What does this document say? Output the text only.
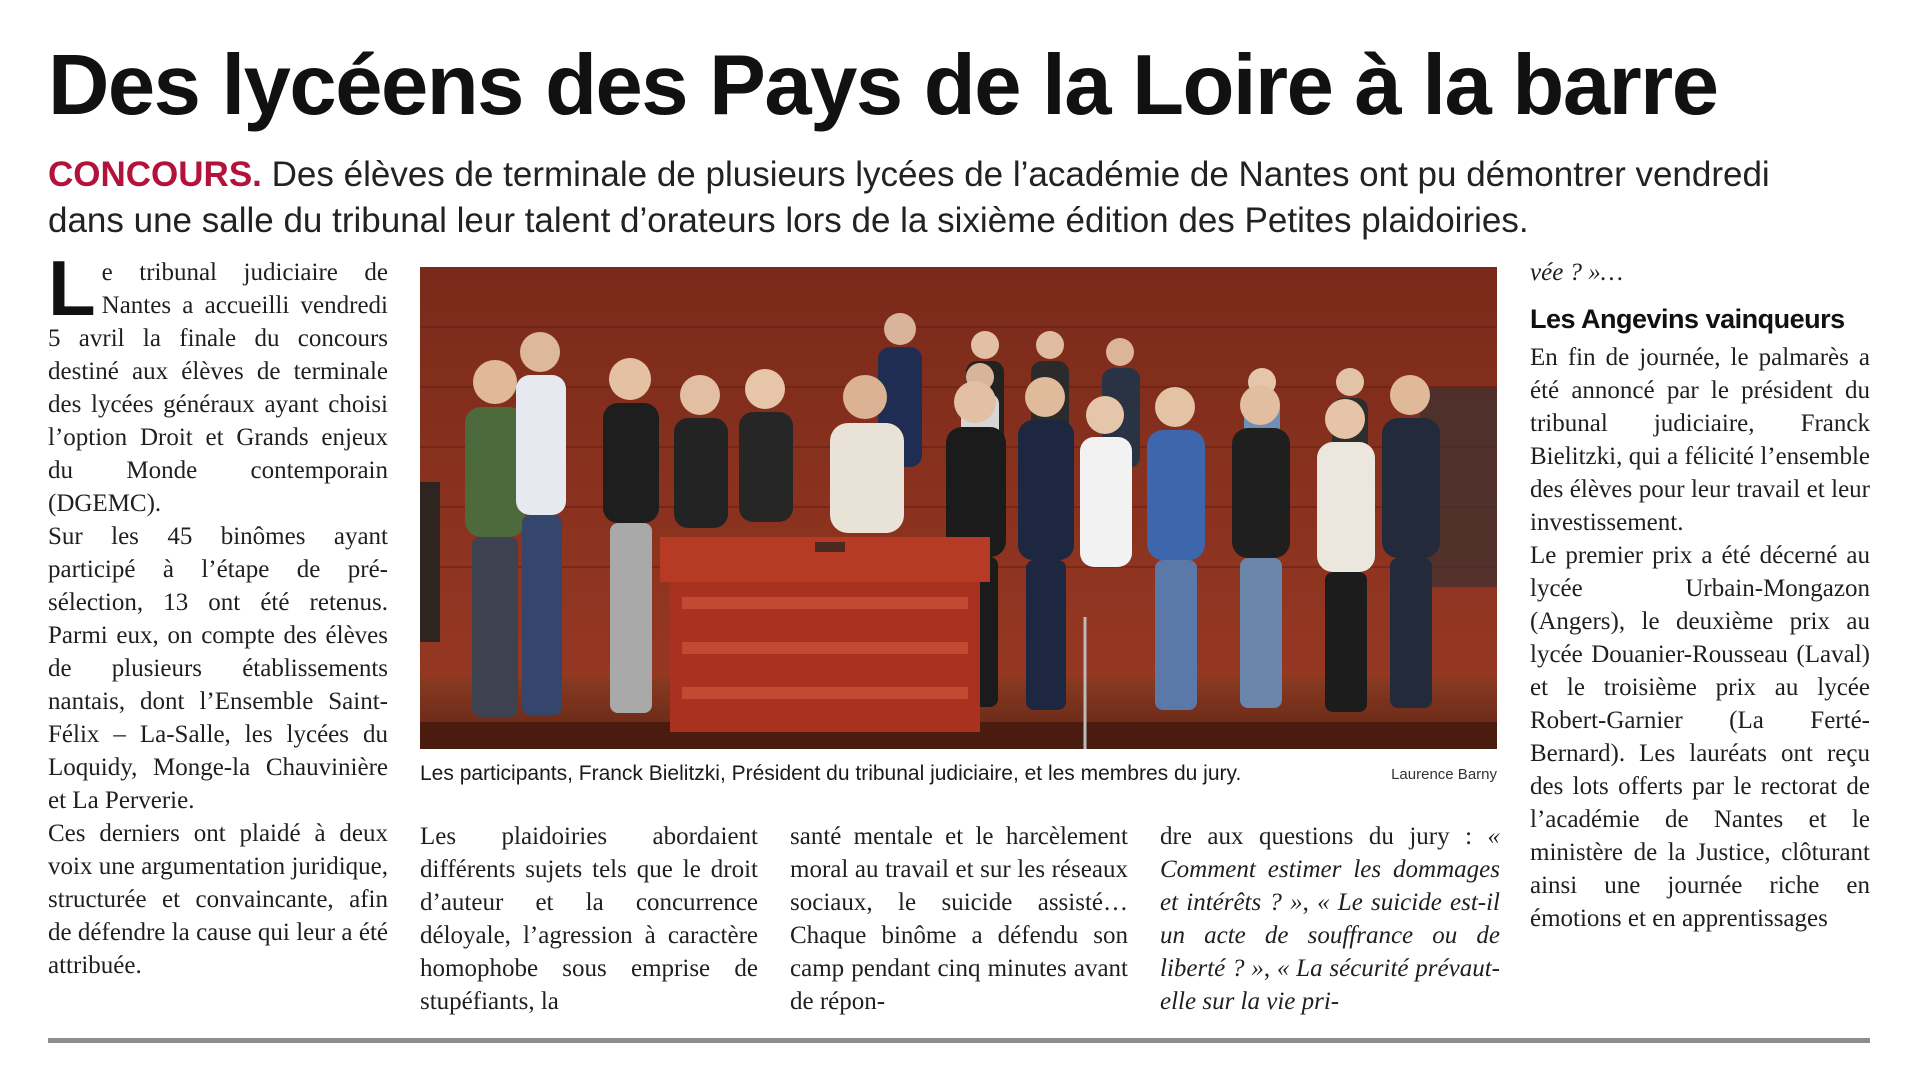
Des lycéens des Pays de la Loire à la barre

CONCOURS. Des élèves de terminale de plusieurs lycées de l’académie de Nantes ont pu démontrer vendredi dans une salle du tribunal leur talent d’orateurs lors de la sixième édition des Petites plaidoiries.

Le tribunal judiciaire de Nantes a accueilli vendredi 5 avril la finale du concours destiné aux élèves de terminale des lycées généraux ayant choisi l’option Droit et Grands enjeux du Monde contemporain (DGEMC).

Sur les 45 binômes ayant participé à l’étape de pré-sélection, 13 ont été retenus. Parmi eux, on compte des élèves de plusieurs établissements nantais, dont l’Ensemble Saint-Félix – La-Salle, les lycées du Loquidy, Monge-la Chauvinière et La Perverie.

Ces derniers ont plaidé à deux voix une argumentation juridique, structurée et convaincante, afin de défendre la cause qui leur a été attribuée.

Les participants, Franck Bielitzki, Président du tribunal judiciaire, et les membres du jury.	Laurence Barny

Les plaidoiries abordaient différents sujets tels que le droit d’auteur et la concurrence déloyale, l’agression à caractère homophobe sous emprise de stupéfiants, la

santé mentale et le harcèlement moral au travail et sur les réseaux sociaux, le suicide assisté… Chaque binôme a défendu son camp pendant cinq minutes avant de répon-

dre aux questions du jury : « Comment estimer les dommages et intérêts ? », « Le suicide est-il un acte de souffrance ou de liberté ? », « La sécurité prévaut-elle sur la vie pri-

vée ? »…

Les Angevins vainqueurs

En fin de journée, le palmarès a été annoncé par le président du tribunal judiciaire, Franck Bielitzki, qui a félicité l’ensemble des élèves pour leur travail et leur investissement.

Le premier prix a été décerné au lycée Urbain-Mongazon (Angers), le deuxième prix au lycée Douanier-Rousseau (Laval) et le troisième prix au lycée Robert-Garnier (La Ferté-Bernard). Les lauréats ont reçu des lots offerts par le rectorat de l’académie de Nantes et le ministère de la Justice, clôturant ainsi une journée riche en émotions et en apprentissages
